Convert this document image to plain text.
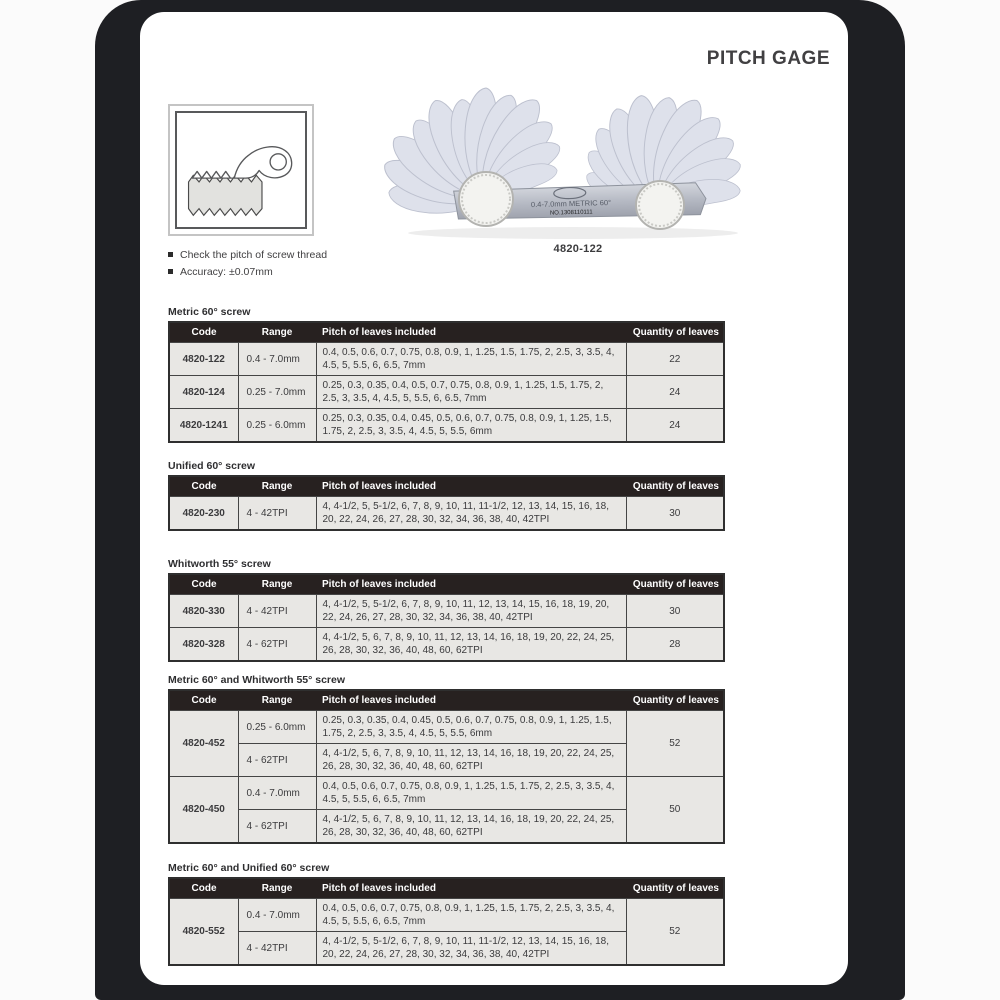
PITCH GAGE
0.4-7.0mm METRIC 60°
NO.1308110111
4820-122
Check the pitch of screw thread
Accuracy: ±0.07mm
Metric 60° screw
Code	Range	Pitch of leaves included	Quantity of leaves
4820-122	0.4 - 7.0mm	0.4, 0.5, 0.6, 0.7, 0.75, 0.8, 0.9, 1, 1.25, 1.5, 1.75, 2, 2.5, 3, 3.5, 4, 4.5, 5, 5.5, 6, 6.5, 7mm	22
4820-124	0.25 - 7.0mm	0.25, 0.3, 0.35, 0.4, 0.5, 0.7, 0.75, 0.8, 0.9, 1, 1.25, 1.5, 1.75, 2, 2.5, 3, 3.5, 4, 4.5, 5, 5.5, 6, 6.5, 7mm	24
4820-1241	0.25 - 6.0mm	0.25, 0.3, 0.35, 0.4, 0.45, 0.5, 0.6, 0.7, 0.75, 0.8, 0.9, 1, 1.25, 1.5, 1.75, 2, 2.5, 3, 3.5, 4, 4.5, 5, 5.5, 6mm	24
Unified 60° screw
Code	Range	Pitch of leaves included	Quantity of leaves
4820-230	4 - 42TPI	4, 4-1/2, 5, 5-1/2, 6, 7, 8, 9, 10, 11, 11-1/2, 12, 13, 14, 15, 16, 18, 20, 22, 24, 26, 27, 28, 30, 32, 34, 36, 38, 40, 42TPI	30
Whitworth 55° screw
Code	Range	Pitch of leaves included	Quantity of leaves
4820-330	4 - 42TPI	4, 4-1/2, 5, 5-1/2, 6, 7, 8, 9, 10, 11, 12, 13, 14, 15, 16, 18, 19, 20, 22, 24, 26, 27, 28, 30, 32, 34, 36, 38, 40, 42TPI	30
4820-328	4 - 62TPI	4, 4-1/2, 5, 6, 7, 8, 9, 10, 11, 12, 13, 14, 16, 18, 19, 20, 22, 24, 25, 26, 28, 30, 32, 36, 40, 48, 60, 62TPI	28
Metric 60° and Whitworth 55° screw
Code	Range	Pitch of leaves included	Quantity of leaves
4820-452	0.25 - 6.0mm	0.25, 0.3, 0.35, 0.4, 0.45, 0.5, 0.6, 0.7, 0.75, 0.8, 0.9, 1, 1.25, 1.5, 1.75, 2, 2.5, 3, 3.5, 4, 4.5, 5, 5.5, 6mm	52
	4 - 62TPI	4, 4-1/2, 5, 6, 7, 8, 9, 10, 11, 12, 13, 14, 16, 18, 19, 20, 22, 24, 25, 26, 28, 30, 32, 36, 40, 48, 60, 62TPI	
4820-450	0.4 - 7.0mm	0.4, 0.5, 0.6, 0.7, 0.75, 0.8, 0.9, 1, 1.25, 1.5, 1.75, 2, 2.5, 3, 3.5, 4, 4.5, 5, 5.5, 6, 6.5, 7mm	50
	4 - 62TPI	4, 4-1/2, 5, 6, 7, 8, 9, 10, 11, 12, 13, 14, 16, 18, 19, 20, 22, 24, 25, 26, 28, 30, 32, 36, 40, 48, 60, 62TPI	
Metric 60° and Unified 60° screw
Code	Range	Pitch of leaves included	Quantity of leaves
4820-552	0.4 - 7.0mm	0.4, 0.5, 0.6, 0.7, 0.75, 0.8, 0.9, 1, 1.25, 1.5, 1.75, 2, 2.5, 3, 3.5, 4, 4.5, 5, 5.5, 6, 6.5, 7mm	52
	4 - 42TPI	4, 4-1/2, 5, 5-1/2, 6, 7, 8, 9, 10, 11, 11-1/2, 12, 13, 14, 15, 16, 18, 20, 22, 24, 26, 27, 28, 30, 32, 34, 36, 38, 40, 42TPI	
